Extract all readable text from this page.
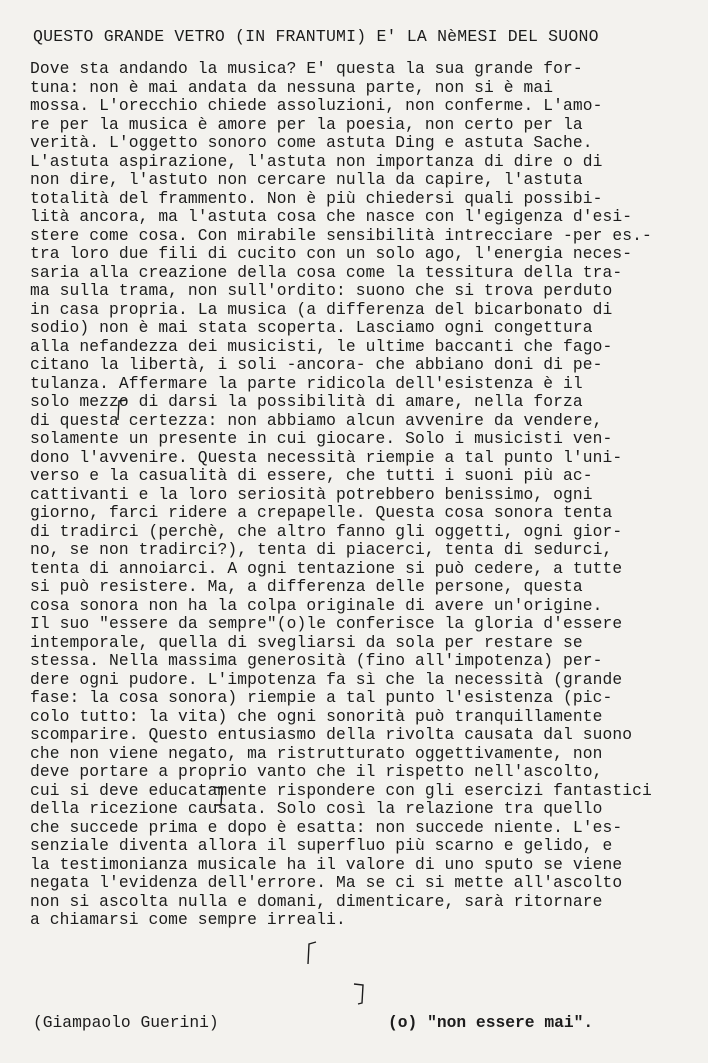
QUESTO GRANDE VETRO (IN FRANTUMI) E' LA NèMESI DEL SUONO
Dove sta andando la musica? E' questa la sua grande for-
tuna: non è mai andata da nessuna parte, non si è mai
mossa. L'orecchio chiede assoluzioni, non conferme. L'amo-
re per la musica è amore per la poesia, non certo per la
verità. L'oggetto sonoro come astuta Ding e astuta Sache.
L'astuta aspirazione, l'astuta non importanza di dire o di
non dire, l'astuto non cercare nulla da capire, l'astuta
totalità del frammento. Non è più chiedersi quali possibi-
lità ancora, ma l'astuta cosa che nasce con l'egigenza d'esi-
stere come cosa. Con mirabile sensibilità intrecciare -per es.-
tra loro due fili di cucito con un solo ago, l'energia neces-
saria alla creazione della cosa come la tessitura della tra-
ma sulla trama, non sull'ordito: suono che si trova perduto
in casa propria. La musica (a differenza del bicarbonato di
sodio) non è mai stata scoperta. Lasciamo ogni congettura
alla nefandezza dei musicisti, le ultime baccanti che fago-
citano la libertà, i soli -ancora- che abbiano doni di pe-
tulanza. Affermare la parte ridicola dell'esistenza è il
solo mezzo di darsi la possibilità di amare, nella forza
di questa certezza: non abbiamo alcun avvenire da vendere,
solamente un presente in cui giocare. Solo i musicisti ven-
dono l'avvenire. Questa necessità riempie a tal punto l'uni-
verso e la casualità di essere, che tutti i suoni più ac-
cattivanti e la loro seriosità potrebbero benissimo, ogni
giorno, farci ridere a crepapelle. Questa cosa sonora tenta
di tradirci (perchè, che altro fanno gli oggetti, ogni gior-
no, se non tradirci?), tenta di piacerci, tenta di sedurci,
tenta di annoiarci. A ogni tentazione si può cedere, a tutte
si può resistere. Ma, a differenza delle persone, questa
cosa sonora non ha la colpa originale di avere un'origine.
Il suo "essere da sempre"(o)le conferisce la gloria d'essere
intemporale, quella di svegliarsi da sola per restare se
stessa. Nella massima generosità (fino all'impotenza) per-
dere ogni pudore. L'impotenza fa sì che la necessità (grande
fase: la cosa sonora) riempie a tal punto l'esistenza (pic-
colo tutto: la vita) che ogni sonorità può tranquillamente
scomparire. Questo entusiasmo della rivolta causata dal suono
che non viene negato, ma ristrutturato oggettivamente, non
deve portare a proprio vanto che il rispetto nell'ascolto,
cui si deve educatamente rispondere con gli esercizi fantastici
della ricezione causata. Solo così la relazione tra quello
che succede prima e dopo è esatta: non succede niente. L'es-
senziale diventa allora il superfluo più scarno e gelido, e
la testimonianza musicale ha il valore di uno sputo se viene
negata l'evidenza dell'errore. Ma se ci si mette all'ascolto
non si ascolta nulla e domani, dimenticare, sarà ritornare
a chiamarsi come sempre irreali.
(Giampaolo Guerini)	(o) "non essere mai".
